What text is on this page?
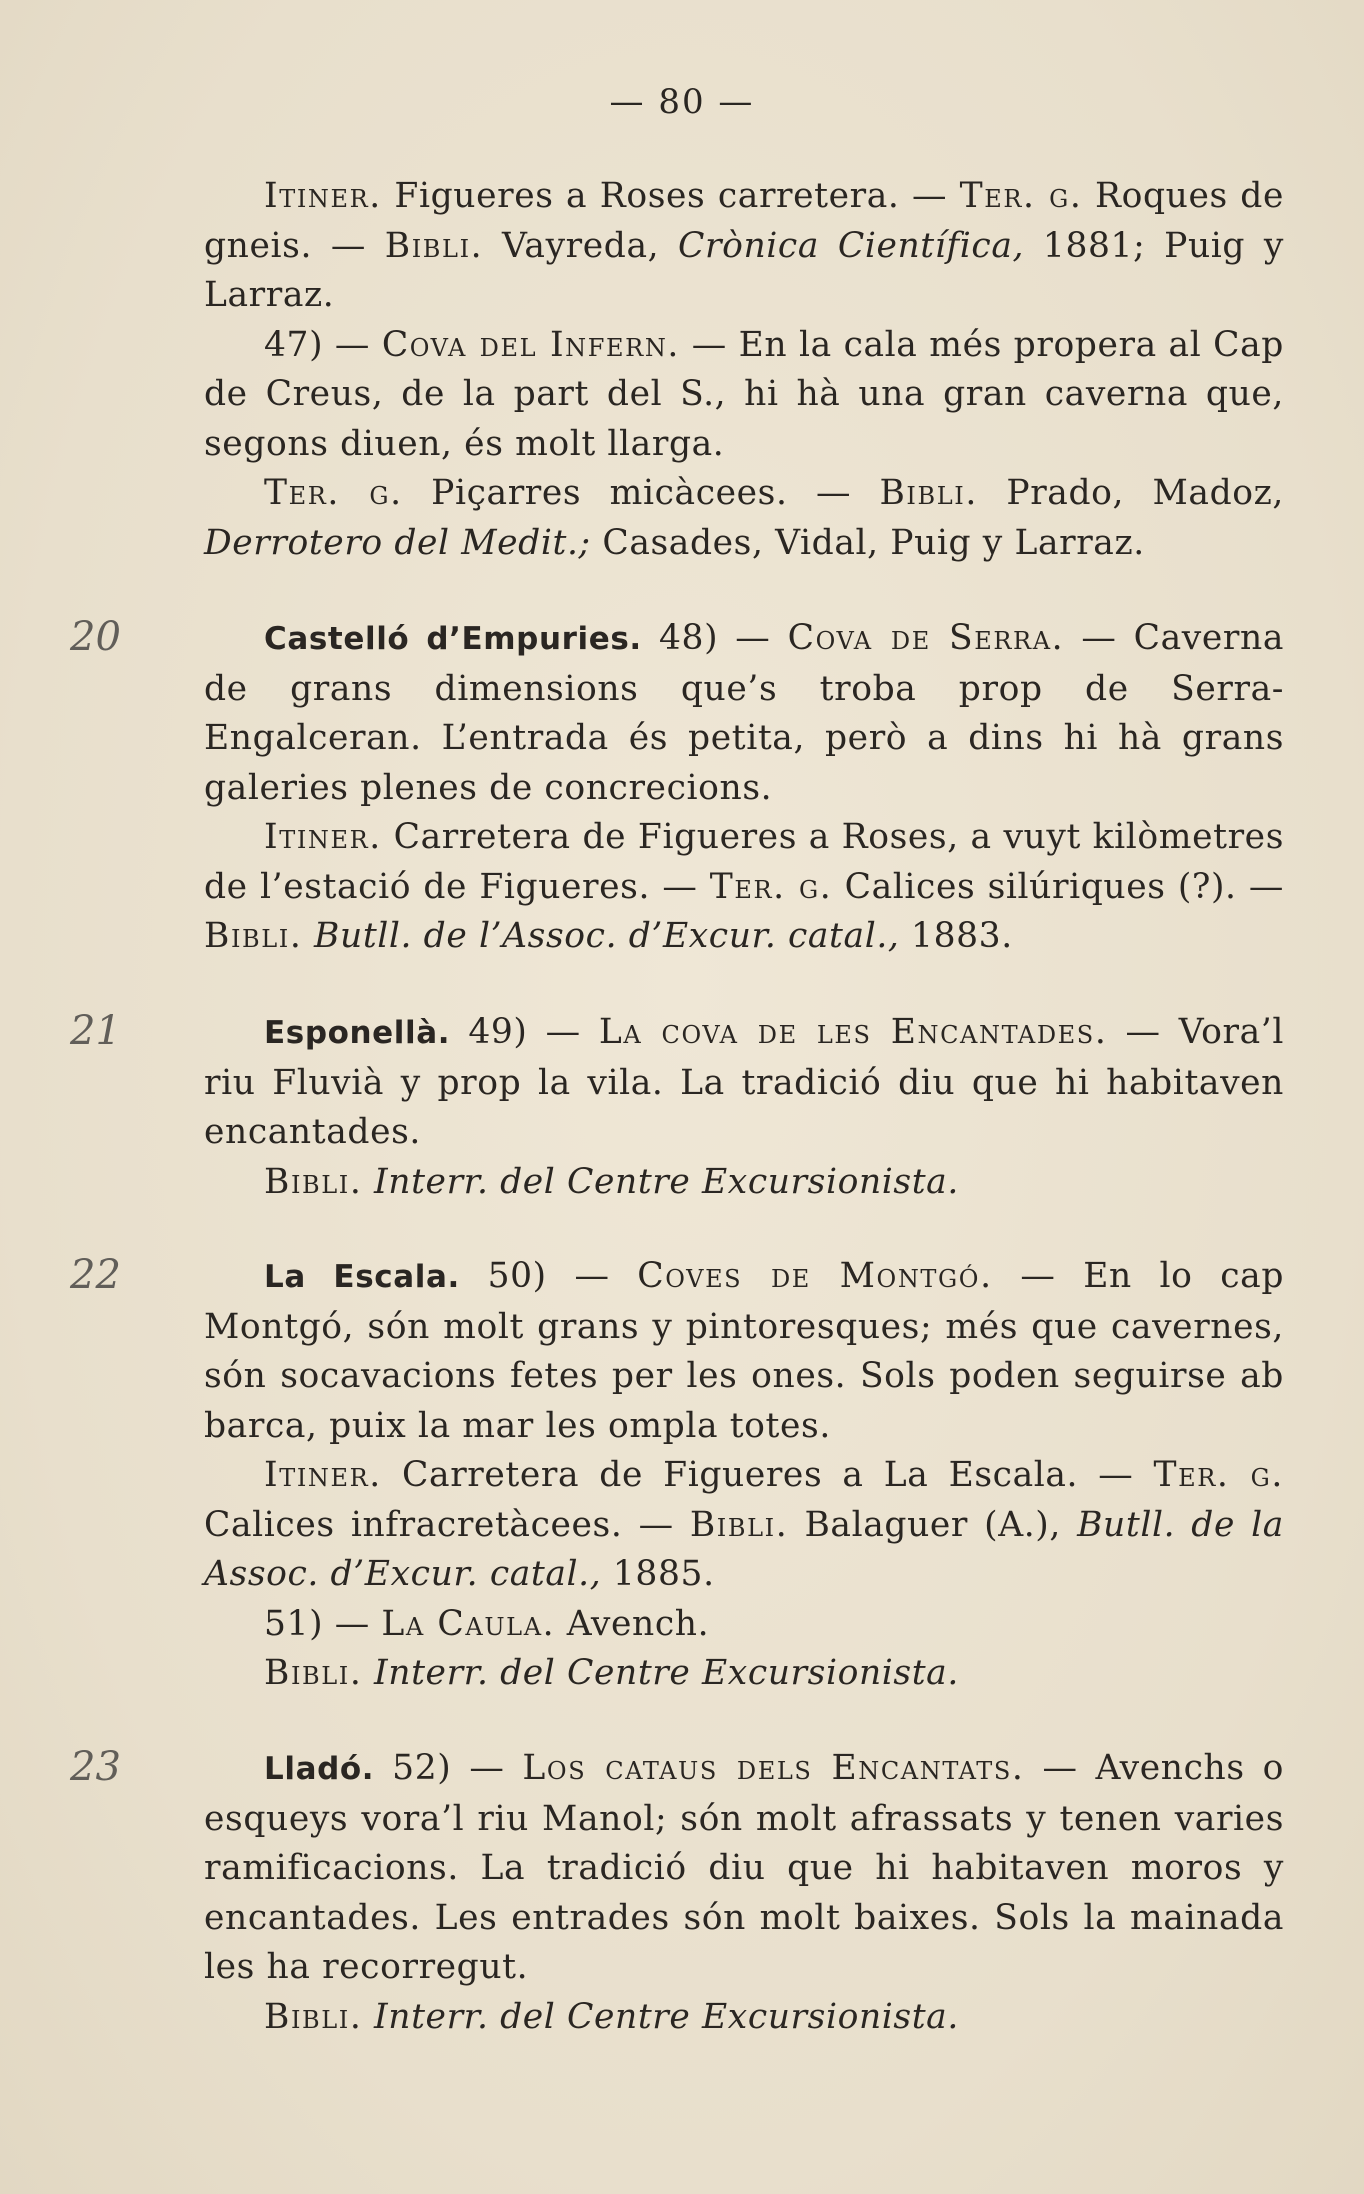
— 80 —

Itiner. Figueres a Roses carretera. — Ter. g. Roques de gneis. — Bibli. Vayreda, Crònica Científica, 1881; Puig y Larraz.

47) — Cova del Infern. — En la cala més propera al Cap de Creus, de la part del S., hi hà una gran caverna que, segons diuen, és molt llarga.

Ter. g. Piçarres micàcees. — Bibli. Prado, Madoz, Derrotero del Medit.; Casades, Vidal, Puig y Larraz.

20	Castelló d’Empuries. 48) — Cova de Serra. — Caverna de grans dimensions que’s troba prop de Serra-Engalceran. L’entrada és petita, però a dins hi hà grans galeries plenes de concrecions.

Itiner. Carretera de Figueres a Roses, a vuyt kilòmetres de l’estació de Figueres. — Ter. g. Calices silúriques (?). — Bibli. Butll. de l’Assoc. d’Excur. catal., 1883.

21	Esponellà. 49) — La cova de les Encantades. — Vora’l riu Fluvià y prop la vila. La tradició diu que hi habitaven encantades.

Bibli. Interr. del Centre Excursionista.

22	La Escala. 50) — Coves de Montgó. — En lo cap Montgó, són molt grans y pintoresques; més que cavernes, són socavacions fetes per les ones. Sols poden seguirse ab barca, puix la mar les ompla totes.

Itiner. Carretera de Figueres a La Escala. — Ter. g. Calices infracretàcees. — Bibli. Balaguer (A.), Butll. de la Assoc. d’Excur. catal., 1885.

51) — La Caula. Avench.

Bibli. Interr. del Centre Excursionista.

23	Lladó. 52) — Los cataus dels Encantats. — Avenchs o esqueys vora’l riu Manol; són molt afrassats y tenen varies ramificacions. La tradició diu que hi habitaven moros y encantades. Les entrades són molt baixes. Sols la mainada les ha recorregut.

Bibli. Interr. del Centre Excursionista.
